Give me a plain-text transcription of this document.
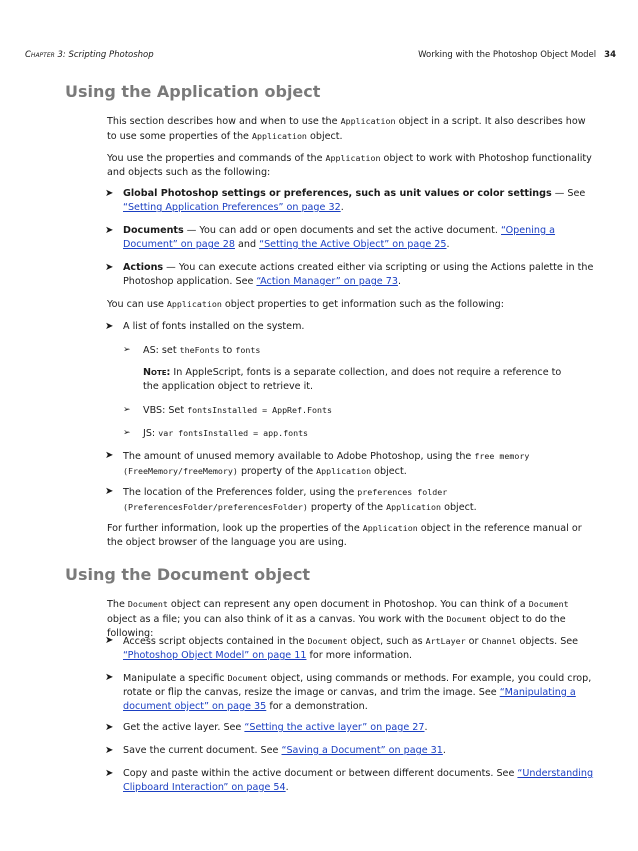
Chapter 3: Scripting Photoshop	Working with the Photoshop Object Model 34
Using the Application object

This section describes how and when to use the Application object in a script. It also describes how to use some properties of the Application object.

You use the properties and commands of the Application object to work with Photoshop functionality and objects such as the following:

➤ Global Photoshop settings or preferences, such as unit values or color settings — See “Setting Application Preferences” on page 32.

➤ Documents — You can add or open documents and set the active document. “Opening a Document” on page 28 and “Setting the Active Object” on page 25.

➤ Actions — You can execute actions created either via scripting or using the Actions palette in the Photoshop application. See “Action Manager” on page 73.

You can use Application object properties to get information such as the following:

➤ A list of fonts installed on the system.

➢ AS: set theFonts to fonts

Note: In AppleScript, fonts is a separate collection, and does not require a reference to the application object to retrieve it.

➢ VBS: Set fontsInstalled = AppRef.Fonts

➢ JS: var fontsInstalled = app.fonts

➤ The amount of unused memory available to Adobe Photoshop, using the free memory
(FreeMemory/freeMemory) property of the Application object.

➤ The location of the Preferences folder, using the preferences folder
(PreferencesFolder/preferencesFolder) property of the Application object.

For further information, look up the properties of the Application object in the reference manual or the object browser of the language you are using.

Using the Document object

The Document object can represent any open document in Photoshop. You can think of a Document object as a file; you can also think of it as a canvas. You work with the Document object to do the following:

➤ Access script objects contained in the Document object, such as ArtLayer or Channel objects. See “Photoshop Object Model” on page 11 for more information.

➤ Manipulate a specific Document object, using commands or methods. For example, you could crop, rotate or flip the canvas, resize the image or canvas, and trim the image. See “Manipulating a document object” on page 35 for a demonstration.

➤ Get the active layer. See “Setting the active layer” on page 27.

➤ Save the current document. See “Saving a Document” on page 31.

➤ Copy and paste within the active document or between different documents. See “Understanding Clipboard Interaction” on page 54.
